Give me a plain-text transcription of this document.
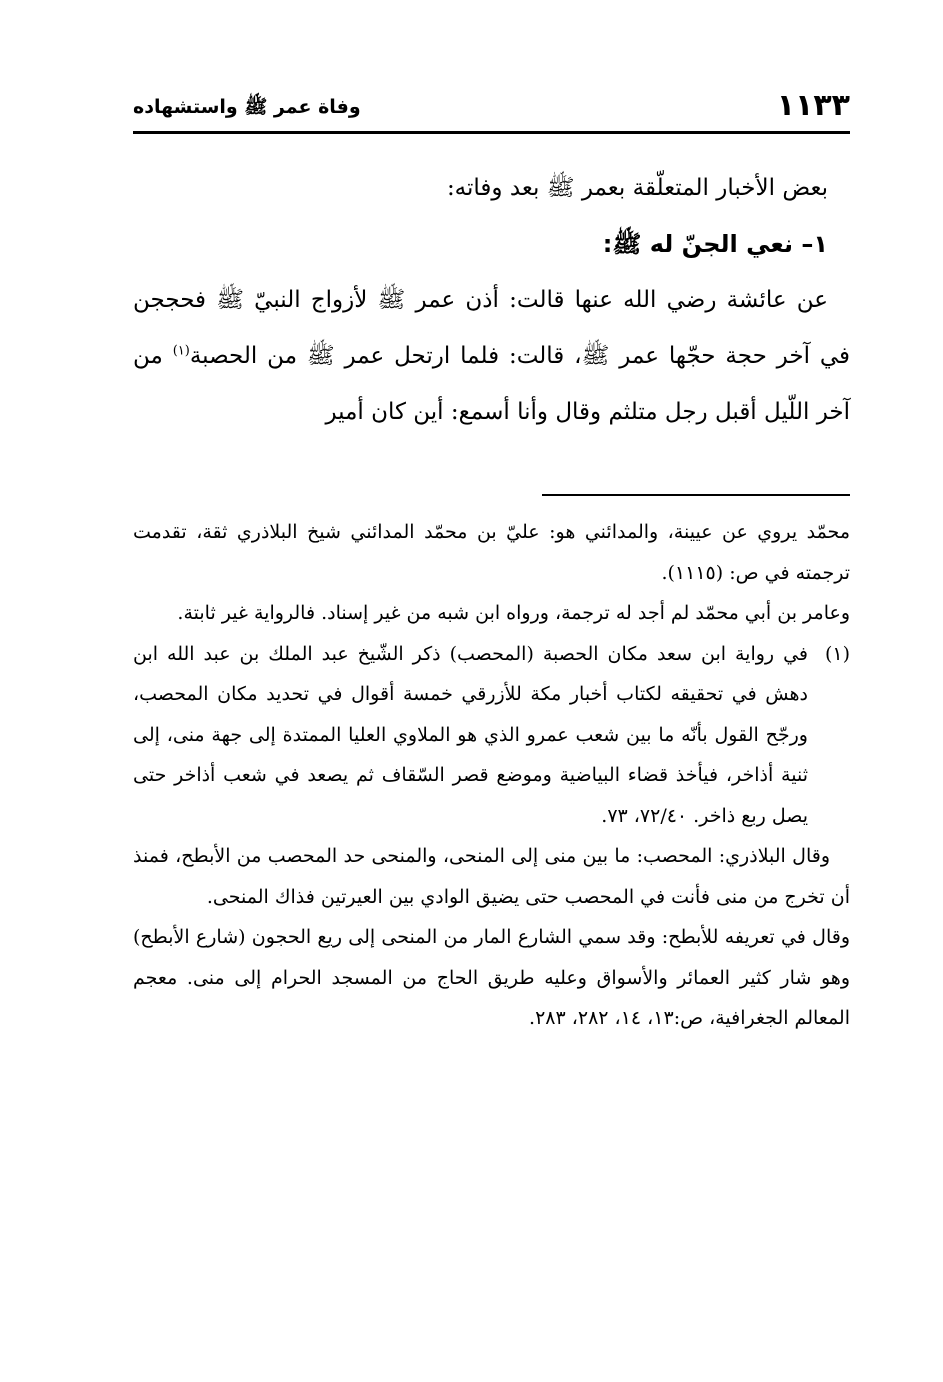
١١٣٣
وفاة عمر ﷺ واستشهاده

بعض الأخبار المتعلّقة بعمر ﷺ بعد وفاته:

١– نعي الجنّ له ﷺ:

عن عائشة رضي الله عنها قالت: أذن عمر ﷺ لأزواج النبيّ ﷺ فحججن في آخر حجة حجّها عمر ﷺ، قالت: فلما ارتحل عمر ﷺ من الحصبة$^{(١)}$ من آخر اللّيل أقبل رجل متلثم وقال وأنا أسمع: أين كان أمير

محمّد يروي عن عيينة، والمدائني هو: عليّ بن محمّد المدائني شيخ البلاذري ثقة، تقدمت ترجمته في ص: (١١١٥).

وعامر بن أبي محمّد لم أجد له ترجمة، ورواه ابن شبه من غير إسناد. فالرواية غير ثابتة.

(١)
في رواية ابن سعد مكان الحصبة (المحصب) ذكر الشّيخ عبد الملك بن عبد الله ابن دهش في تحقيقه لكتاب أخبار مكة للأزرقي خمسة أقوال في تحديد مكان المحصب، ورجّح القول بأنّه ما بين شعب عمرو الذي هو الملاوي العليا الممتدة إلى جهة منى، إلى ثنية أذاخر، فيأخذ قضاء البياضية وموضع قصر السّقاف ثم يصعد في شعب أذاخر حتى يصل ربع ذاخر. ٧٢/٤٠، ٧٣.

وقال البلاذري: المحصب: ما بين منى إلى المنحى، والمنحى حد المحصب من الأبطح، فمنذ أن تخرج من منى فأنت في المحصب حتى يضيق الوادي بين العيرتين فذاك المنحى.

وقال في تعريفه للأبطح: وقد سمي الشارع المار من المنحى إلى ريع الحجون (شارع الأبطح) وهو شار كثير العمائر والأسواق وعليه طريق الحاج من المسجد الحرام إلى منى. معجم المعالم الجغرافية، ص:١٣، ١٤، ٢٨٢، ٢٨٣.
